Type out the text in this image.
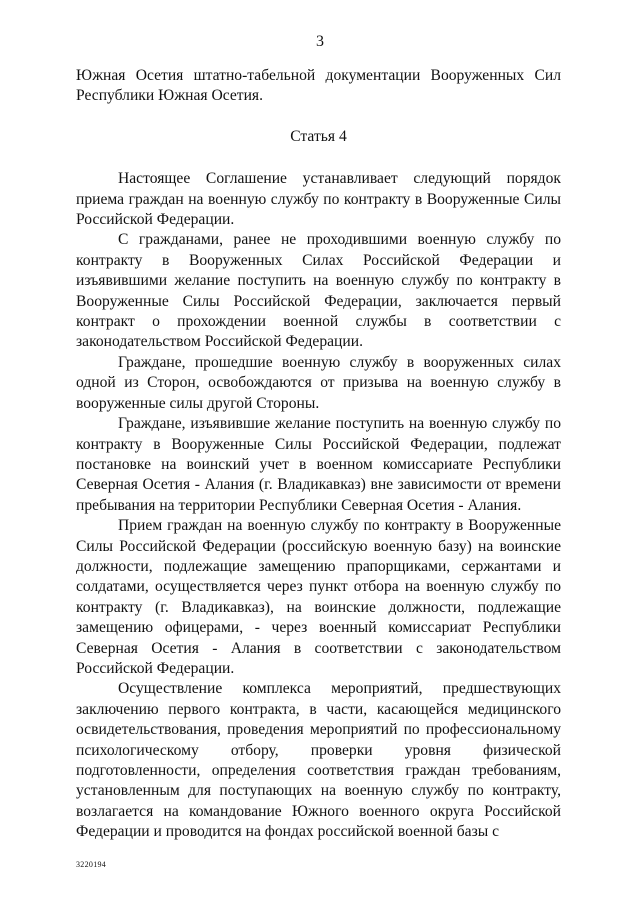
3

Южная Осетия штатно-табельной документации Вооруженных Сил Республики Южная Осетия.

Статья 4

Настоящее Соглашение устанавливает следующий порядок приема граждан на военную службу по контракту в Вооруженные Силы Российской Федерации.

С гражданами, ранее не проходившими военную службу по контракту в Вооруженных Силах Российской Федерации и изъявившими желание поступить на военную службу по контракту в Вооруженные Силы Российской Федерации, заключается первый контракт о прохождении военной службы в соответствии с законодательством Российской Федерации.

Граждане, прошедшие военную службу в вооруженных силах одной из Сторон, освобождаются от призыва на военную службу в вооруженные силы другой Стороны.

Граждане, изъявившие желание поступить на военную службу по контракту в Вооруженные Силы Российской Федерации, подлежат постановке на воинский учет в военном комиссариате Республики Северная Осетия - Алания (г. Владикавказ) вне зависимости от времени пребывания на территории Республики Северная Осетия - Алания.

Прием граждан на военную службу по контракту в Вооруженные Силы Российской Федерации (российскую военную базу) на воинские должности, подлежащие замещению прапорщиками, сержантами и солдатами, осуществляется через пункт отбора на военную службу по контракту (г. Владикавказ), на воинские должности, подлежащие замещению офицерами, - через военный комиссариат Республики Северная Осетия - Алания в соответствии с законодательством Российской Федерации.

Осуществление комплекса мероприятий, предшествующих заключению первого контракта, в части, касающейся медицинского освидетельствования, проведения мероприятий по профессиональному психологическому отбору, проверки уровня физической подготовленности, определения соответствия граждан требованиям, установленным для поступающих на военную службу по контракту, возлагается на командование Южного военного округа Российской Федерации и проводится на фондах российской военной базы с

3220194
